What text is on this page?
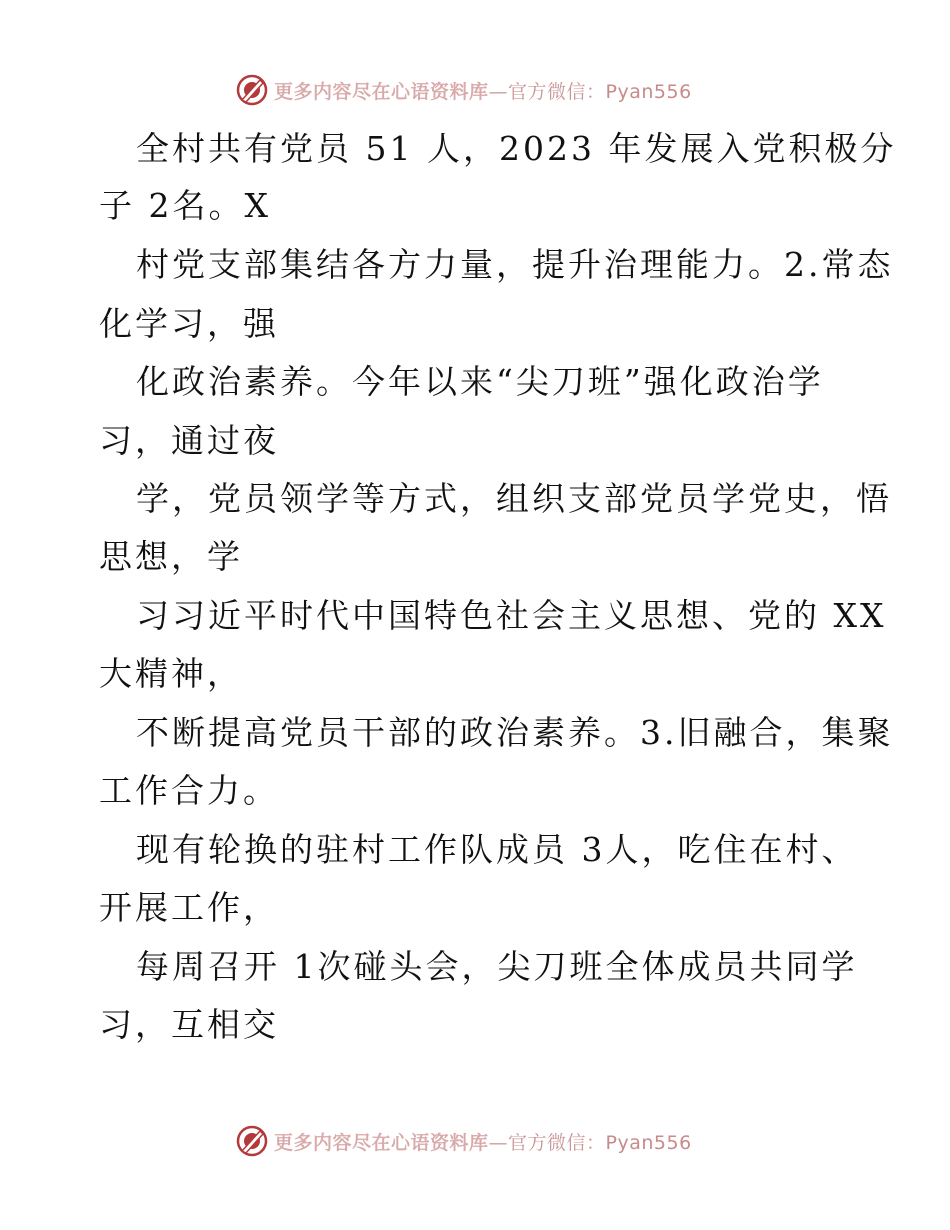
更多内容尽在心语资料库—官方微信：Pyan556
全村共有党员 51 人，2023 年发展入党积极分
子 2名。X
村党支部集结各方力量，提升治理能力。2.常态
化学习，强
化政治素养。今年以来“尖刀班”强化政治学
习，通过夜
学，党员领学等方式，组织支部党员学党史，悟
思想，学
习习近平时代中国特色社会主义思想、党的 XX
大精神，
不断提高党员干部的政治素养。3.旧融合，集聚
工作合力。
现有轮换的驻村工作队成员 3人，吃住在村、
开展工作，
每周召开 1次碰头会，尖刀班全体成员共同学
习，互相交
更多内容尽在心语资料库—官方微信：Pyan556
